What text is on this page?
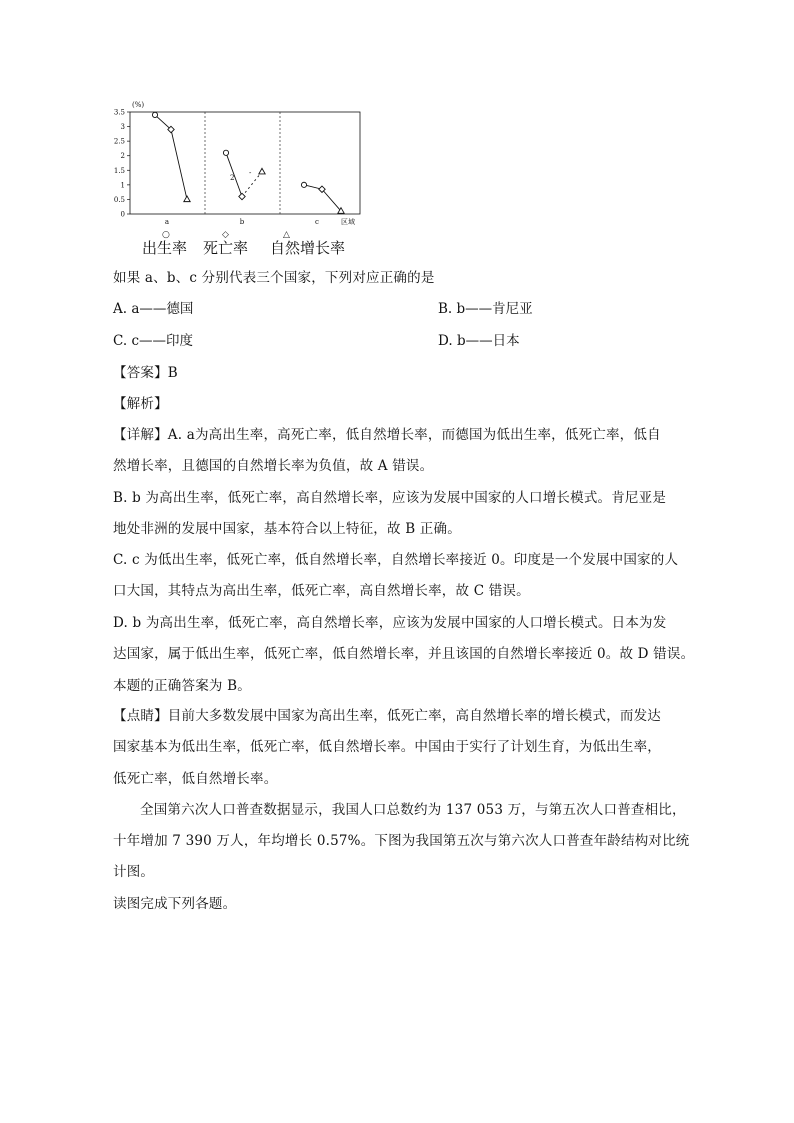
3.5
3
2.5
2
1.5
1
0.5
0
a	b	c
(%)
区域
2
-
○
出生率
◇
死亡率
△
自然增长率
如果 a、b、c 分别代表三个国家，下列对应正确的是
A. a——德国	B. b——肯尼亚
C. c——印度	D. b——日本
【答案】B
【解析】
【详解】A. a为高出生率，高死亡率，低自然增长率，而德国为低出生率，低死亡率，低自
然增长率，且德国的自然增长率为负值，故 A 错误。
B. b 为高出生率，低死亡率，高自然增长率，应该为发展中国家的人口增长模式。肯尼亚是
地处非洲的发展中国家，基本符合以上特征，故 B 正确。
C. c 为低出生率，低死亡率，低自然增长率，自然增长率接近 0。印度是一个发展中国家的人
口大国，其特点为高出生率，低死亡率，高自然增长率，故 C 错误。
D. b 为高出生率，低死亡率，高自然增长率，应该为发展中国家的人口增长模式。日本为发
达国家，属于低出生率，低死亡率，低自然增长率，并且该国的自然增长率接近 0。故 D 错误。
本题的正确答案为 B。
【点睛】目前大多数发展中国家为高出生率，低死亡率，高自然增长率的增长模式，而发达
国家基本为低出生率，低死亡率，低自然增长率。中国由于实行了计划生育，为低出生率，
低死亡率，低自然增长率。
全国第六次人口普查数据显示，我国人口总数约为 137 053 万，与第五次人口普查相比，
十年增加 7 390 万人，年均增长 0.57%。下图为我国第五次与第六次人口普查年龄结构对比统
计图。
读图完成下列各题。
